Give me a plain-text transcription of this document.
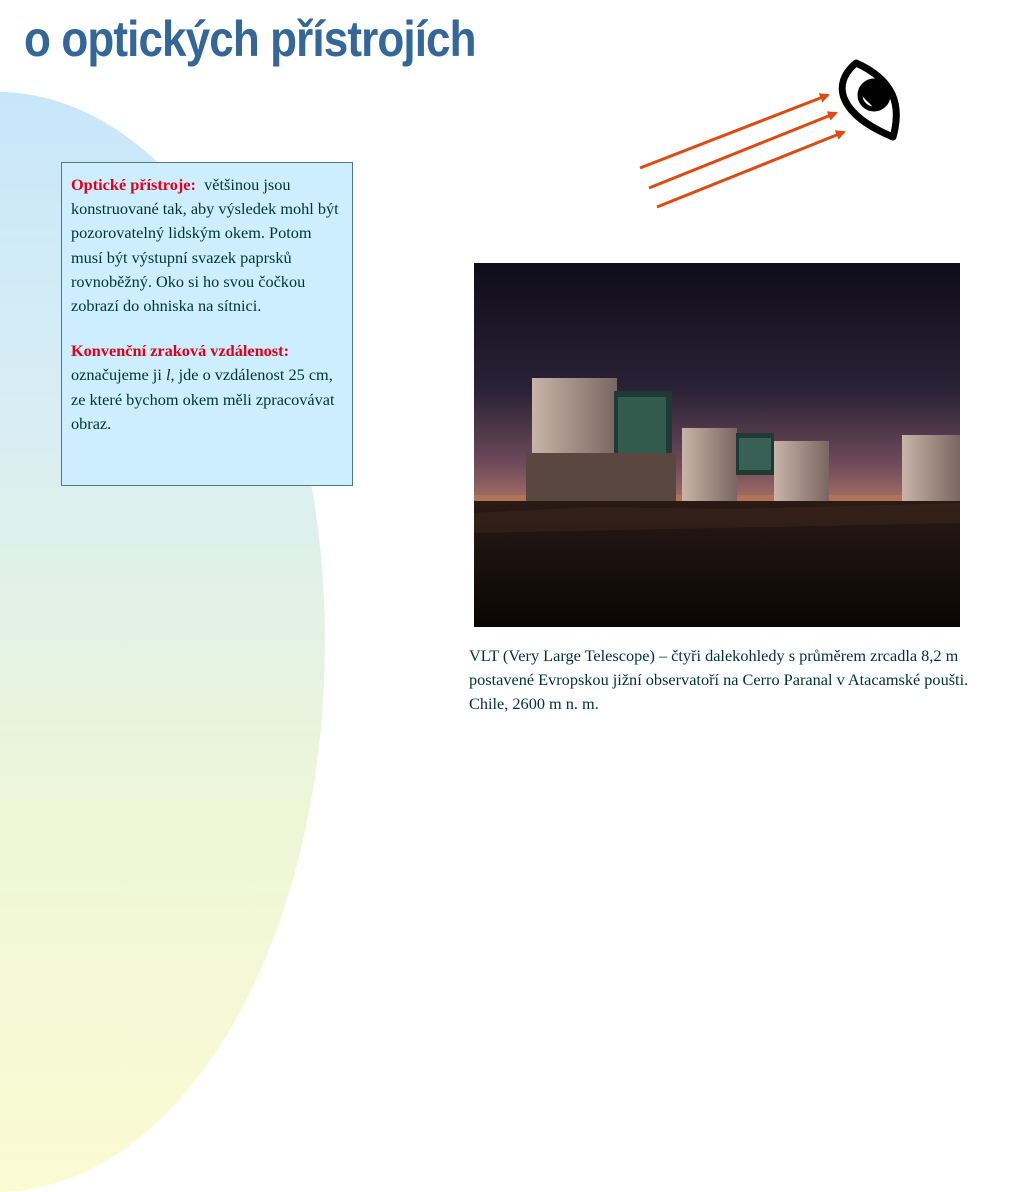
o optických přístrojích

Optické přístroje: většinou jsou konstruované tak, aby výsledek mohl být pozorovatelný lidským okem. Potom musí být výstupní svazek paprsků rovnoběžný. Oko si ho svou čočkou zobrazí do ohniska na sítnici.

Konvenční zraková vzdálenost:
označujeme ji l, jde o vzdálenost 25 cm, ze které bychom okem měli zpracovávat obraz.

VLT (Very Large Telescope) – čtyři dalekohledy s průměrem zrcadla 8,2 m postavené Evropskou jižní observatoří na Cerro Paranal v Atacamské poušti. Chile, 2600 m n. m.
